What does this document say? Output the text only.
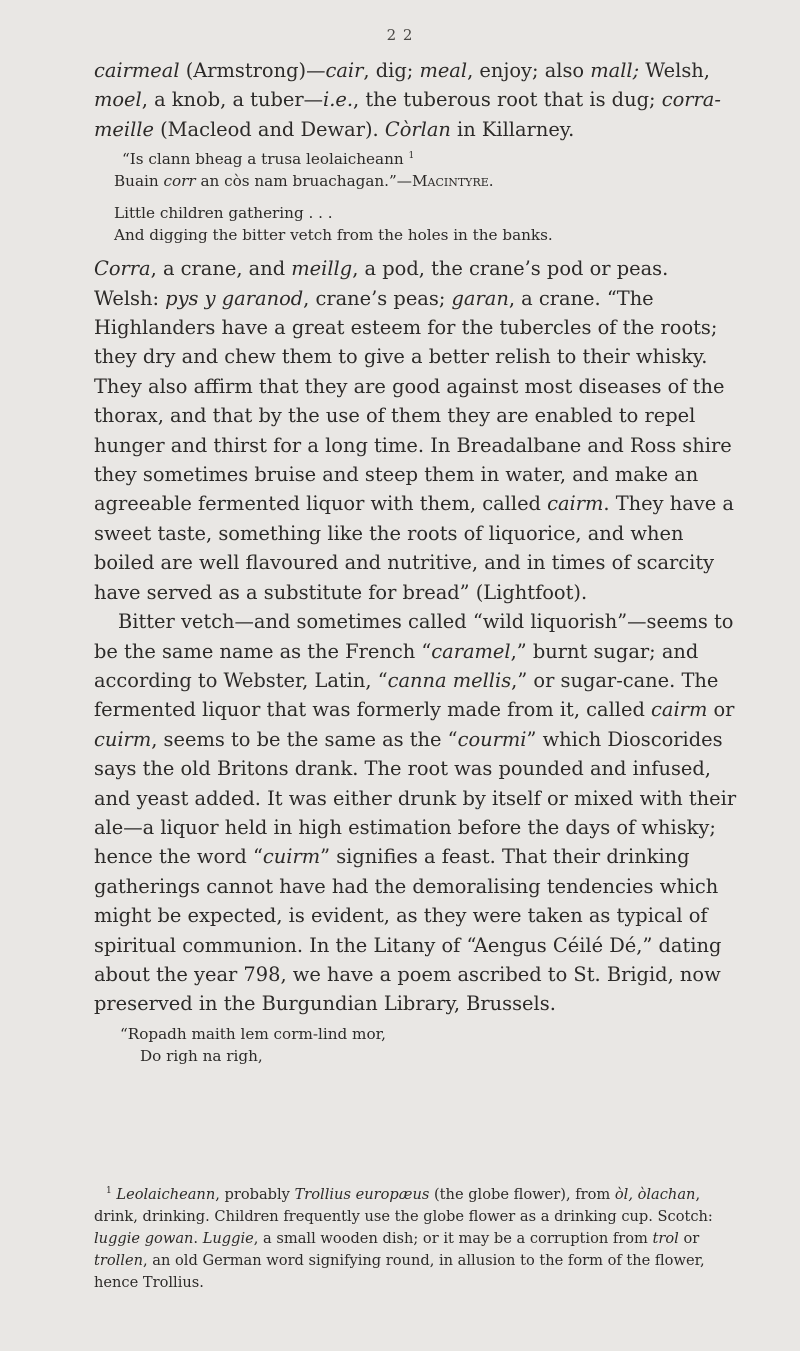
2 2

cairmeal (Armstrong)—cair, dig; meal, enjoy; also mall; Welsh, moel, a knob, a tuber—i.e., the tuberous root that is dug; corra-meille (Macleod and Dewar). Còrlan in Killarney.

“Is clann bheag a trusa leolaicheann $^1$
Buain corr an còs nam bruachagan.”—Macintyre.
Little children gathering . . .
And digging the bitter vetch from the holes in the banks.

Corra, a crane, and meillg, a pod, the crane’s pod or peas. Welsh: pys y garanod, crane’s peas; garan, a crane. “The Highlanders have a great esteem for the tubercles of the roots; they dry and chew them to give a better relish to their whisky. They also affirm that they are good against most diseases of the thorax, and that by the use of them they are enabled to repel hunger and thirst for a long time. In Breadalbane and Ross shire they sometimes bruise and steep them in water, and make an agreeable fermented liquor with them, called cairm. They have a sweet taste, something like the roots of liquorice, and when boiled are well flavoured and nutritive, and in times of scarcity have served as a substitute for bread” (Lightfoot).

Bitter vetch—and sometimes called “wild liquorish”—seems to be the same name as the French “caramel,” burnt sugar; and according to Webster, Latin, “canna mellis,” or sugar-cane. The fermented liquor that was formerly made from it, called cairm or cuirm, seems to be the same as the “courmi” which Dioscorides says the old Britons drank. The root was pounded and infused, and yeast added. It was either drunk by itself or mixed with their ale—a liquor held in high estimation before the days of whisky; hence the word “cuirm” signifies a feast. That their drinking gatherings cannot have had the demoralising tendencies which might be expected, is evident, as they were taken as typical of spiritual communion. In the Litany of “Aengus Céilé Dé,” dating about the year 798, we have a poem ascribed to St. Brigid, now preserved in the Burgundian Library, Brussels.

“Ropadh maith lem corm-lind mor,
Do righ na righ,

$^1$ Leolaicheann, probably Trollius europæus (the globe flower), from òl, òlachan, drink, drinking. Children frequently use the globe flower as a drinking cup. Scotch: luggie gowan. Luggie, a small wooden dish; or it may be a corruption from trol or trollen, an old German word signifying round, in allusion to the form of the flower, hence Trollius.
